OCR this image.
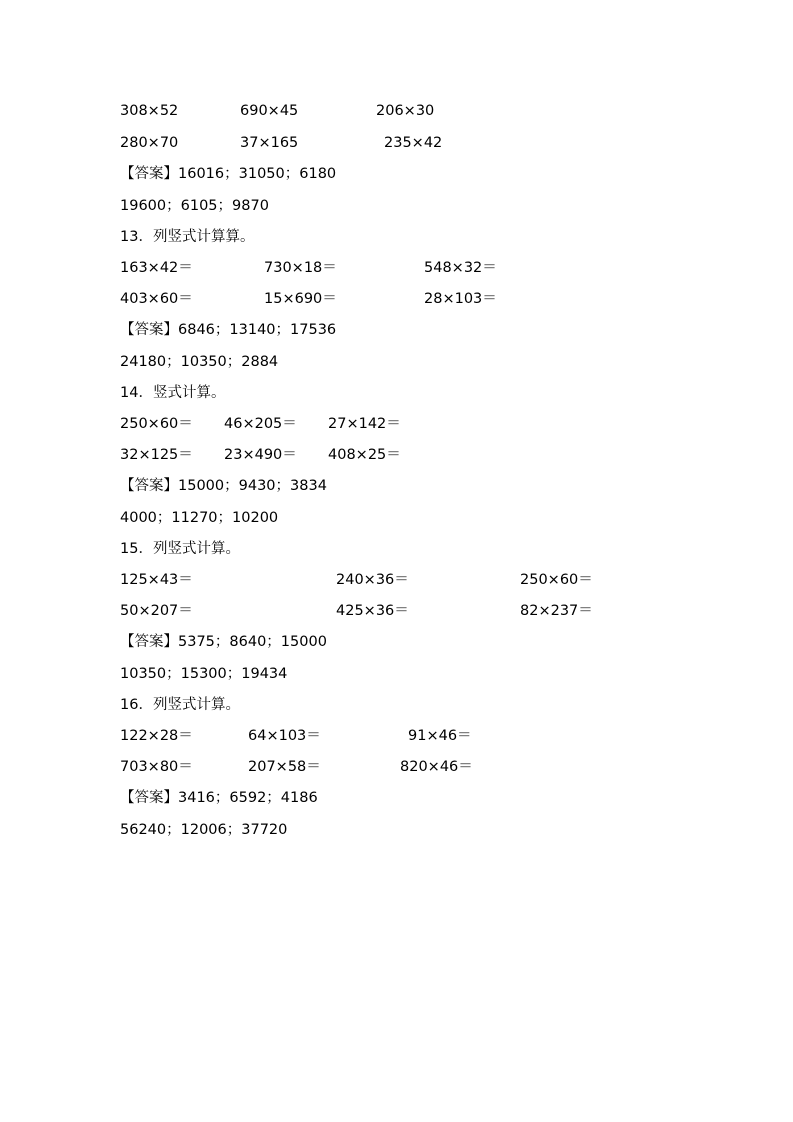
308×52	690×45	206×30
280×70	37×165	235×42
【答案】16016；31050；6180
19600；6105；9870
13．列竖式计算算。
163×42＝	730×18＝	548×32＝
403×60＝	15×690＝	28×103＝
【答案】6846；13140；17536
24180；10350；2884
14．竖式计算。
250×60＝ 46×205＝ 27×142＝
32×125＝ 23×490＝ 408×25＝
【答案】15000；9430；3834
4000；11270；10200
15．列竖式计算。
125×43＝	240×36＝	250×60＝
50×207＝	425×36＝	82×237＝
【答案】5375；8640；15000
10350；15300；19434
16．列竖式计算。
122×28＝	64×103＝	91×46＝
703×80＝	207×58＝	820×46＝
【答案】3416；6592；4186
56240；12006；37720
